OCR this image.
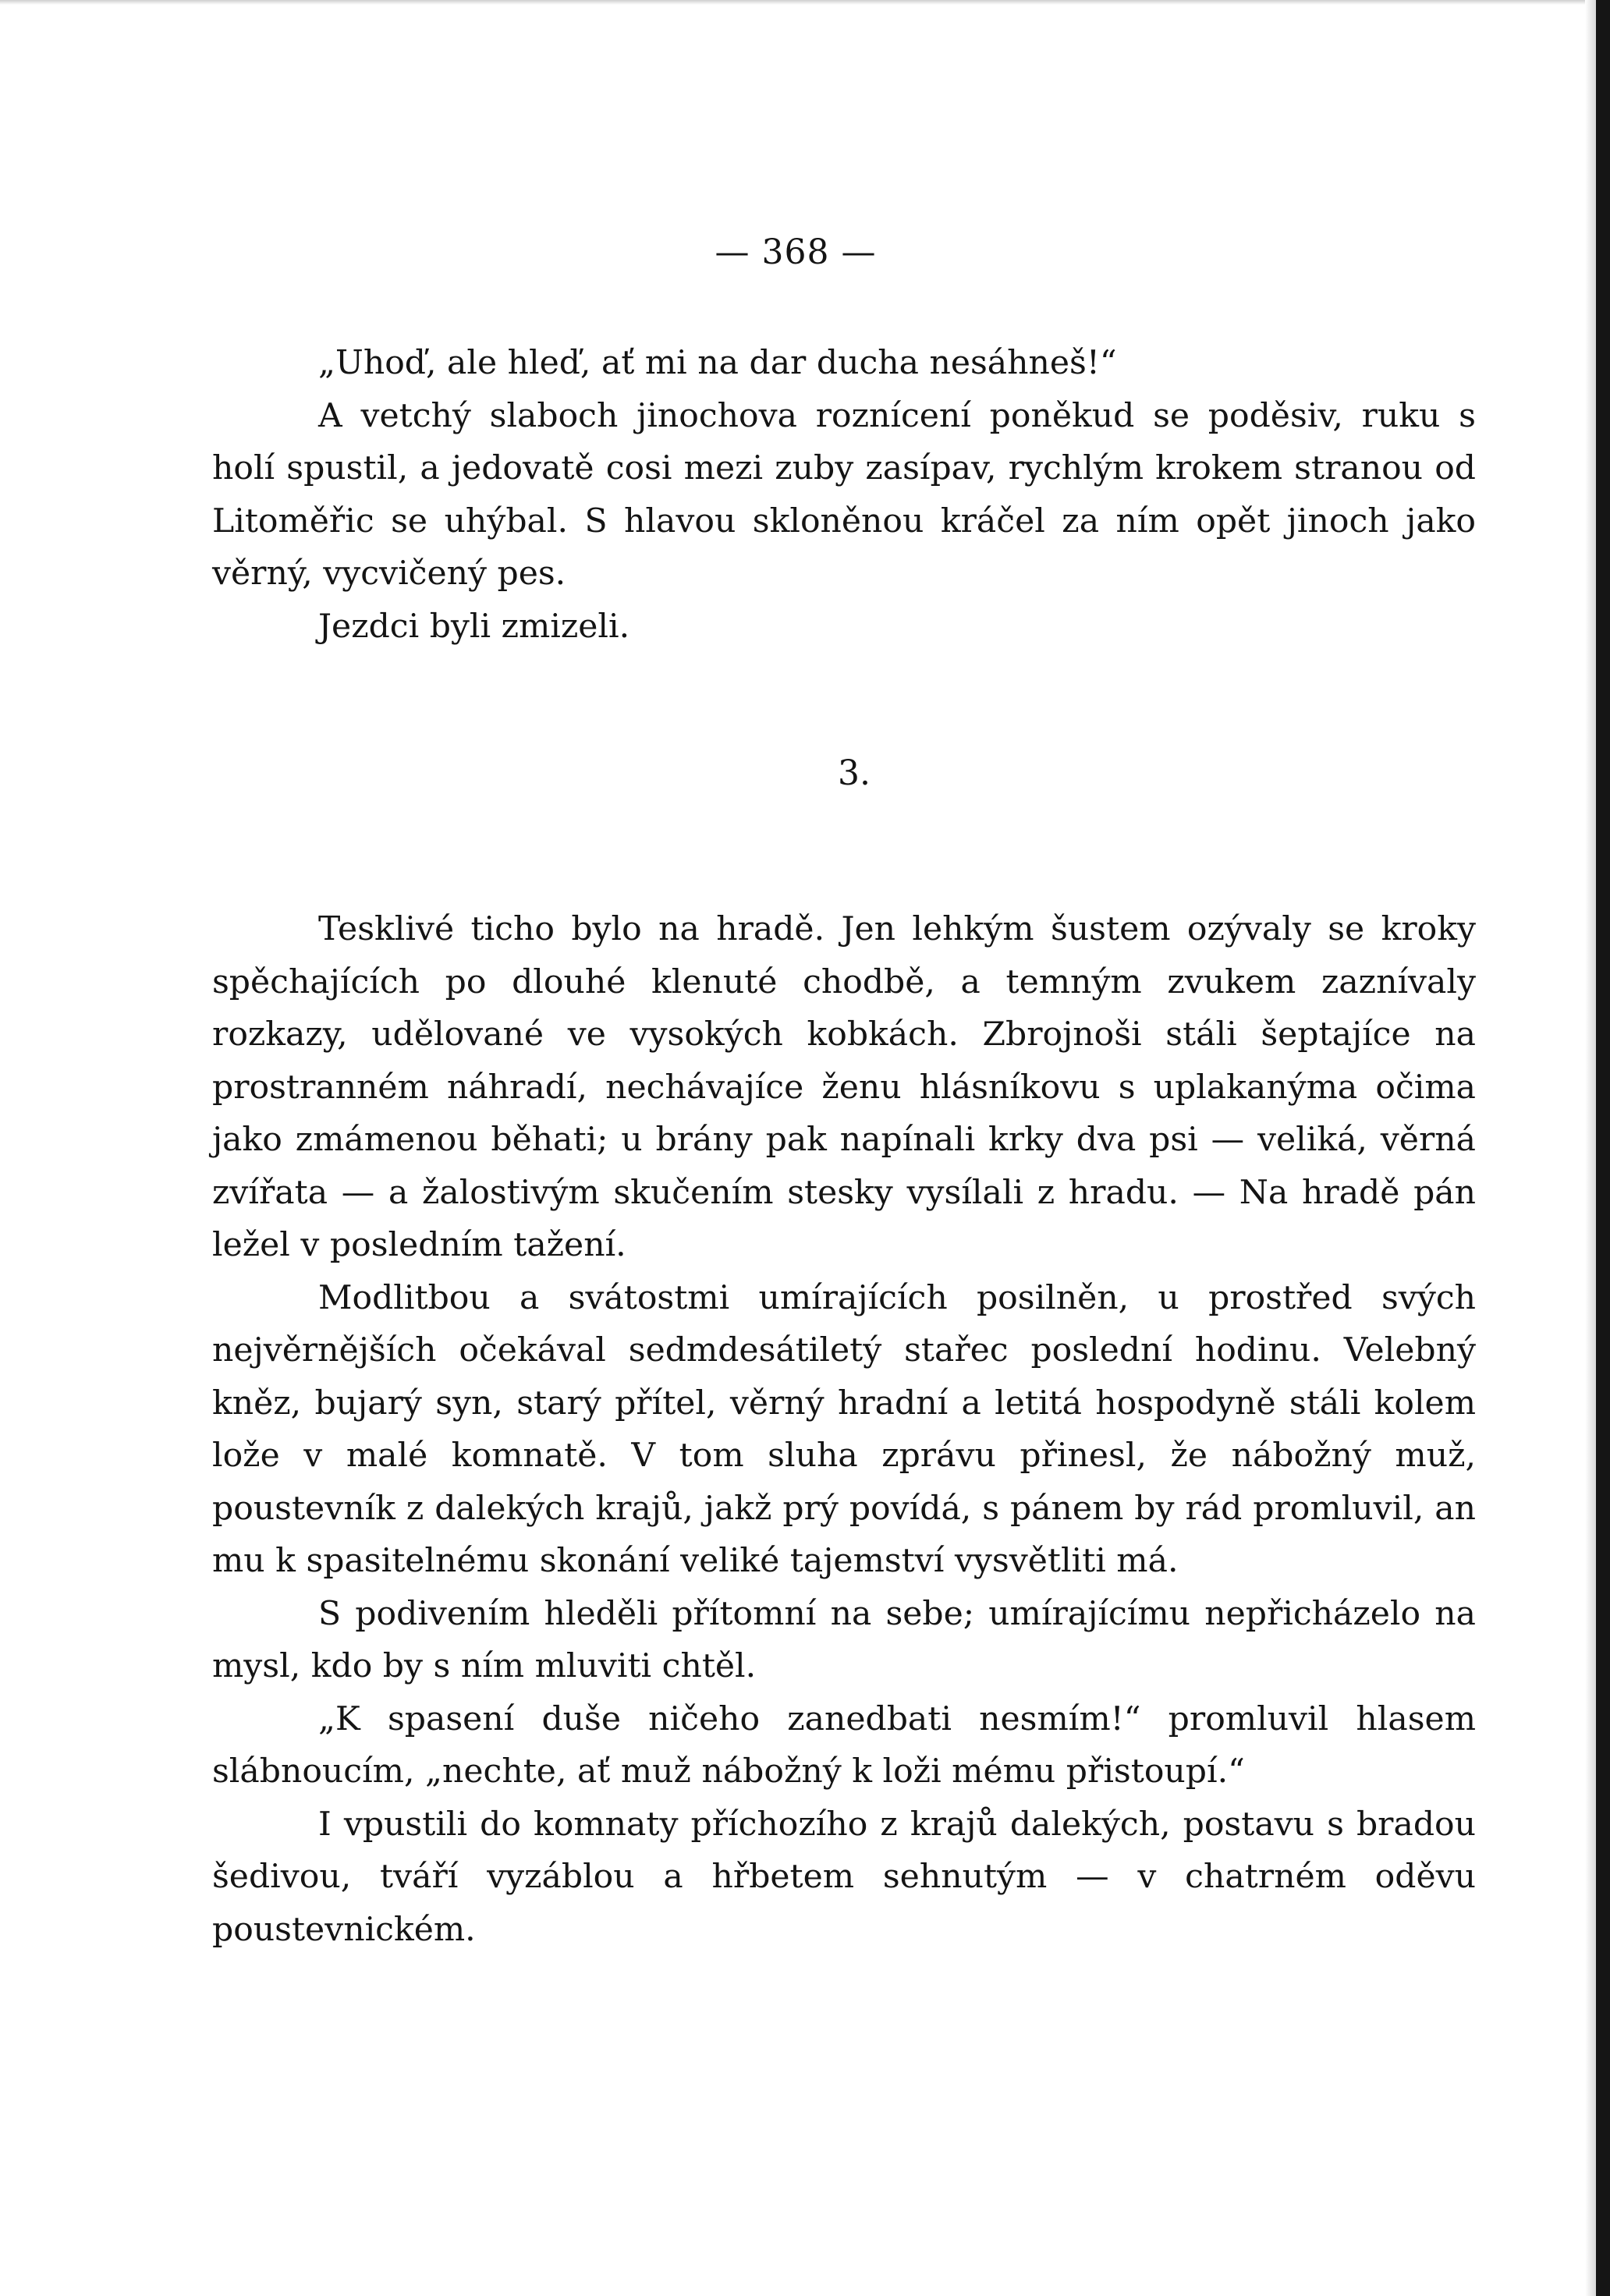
— 368 —

„Uhoď, ale hleď, ať mi na dar ducha nesáhneš!“

A vetchý slaboch jinochova roznícení poněkud se poděsiv, ruku s holí spustil, a jedovatě cosi mezi zuby zasípav, rychlým krokem stranou od Litoměřic se uhýbal. S hlavou skloněnou kráčel za ním opět jinoch jako věrný, vycvičený pes.

Jezdci byli zmizeli.

3.

Tesklivé ticho bylo na hradě. Jen lehkým šustem ozývaly se kroky spěchajících po dlouhé klenuté chodbě, a temným zvukem zaznívaly rozkazy, udělované ve vysokých kobkách. Zbrojnoši stáli šeptajíce na prostranném náhradí, nechávajíce ženu hlásníkovu s uplakanýma očima jako zmámenou běhati; u brány pak napínali krky dva psi — veliká, věrná zvířata — a žalostivým skučením stesky vysílali z hradu. — Na hradě pán ležel v posledním tažení.

Modlitbou a svátostmi umírajících posilněn, u prostřed svých nejvěrnějších očekával sedmdesátiletý stařec poslední hodinu. Velebný kněz, bujarý syn, starý přítel, věrný hradní a letitá hospodyně stáli kolem lože v malé komnatě. V tom sluha zprávu přinesl, že nábožný muž, poustevník z dalekých krajů, jakž prý povídá, s pánem by rád promluvil, an mu k spasitelnému skonání veliké tajemství vysvětliti má.

S podivením hleděli přítomní na sebe; umírajícímu nepřicházelo na mysl, kdo by s ním mluviti chtěl.

„K spasení duše ničeho zanedbati nesmím!“ promluvil hlasem slábnoucím, „nechte, ať muž nábožný k loži mému přistoupí.“

I vpustili do komnaty příchozího z krajů dalekých, postavu s bradou šedivou, tváří vyzáblou a hřbetem sehnutým — v chatrném oděvu poustevnickém.
